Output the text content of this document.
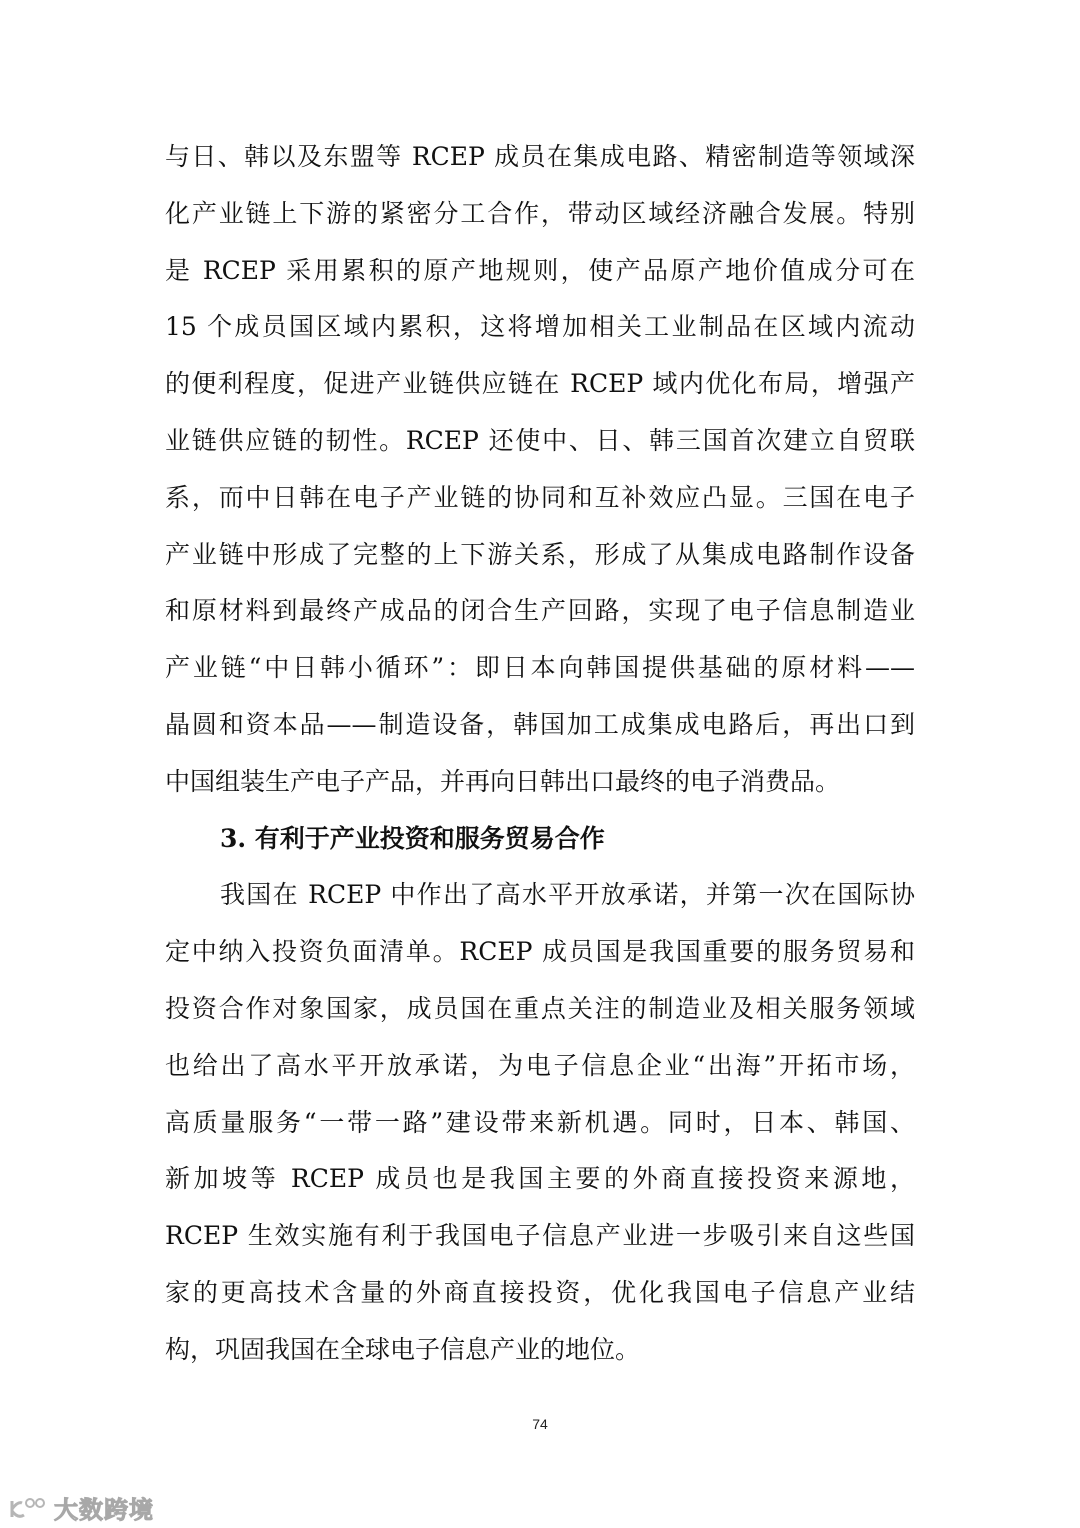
与日、韩以及东盟等 RCEP 成员在集成电路、精密制造等领域深
化产业链上下游的紧密分工合作，带动区域经济融合发展。特别
是 RCEP 采用累积的原产地规则，使产品原产地价值成分可在
15 个成员国区域内累积，这将增加相关工业制品在区域内流动
的便利程度，促进产业链供应链在 RCEP 域内优化布局，增强产
业链供应链的韧性。RCEP 还使中、日、韩三国首次建立自贸联
系，而中日韩在电子产业链的协同和互补效应凸显。三国在电子
产业链中形成了完整的上下游关系，形成了从集成电路制作设备
和原材料到最终产成品的闭合生产回路，实现了电子信息制造业
产业链“中日韩小循环”：即日本向韩国提供基础的原材料——
晶圆和资本品——制造设备，韩国加工成集成电路后，再出口到
中国组装生产电子产品，并再向日韩出口最终的电子消费品。
3. 有利于产业投资和服务贸易合作
我国在 RCEP 中作出了高水平开放承诺，并第一次在国际协
定中纳入投资负面清单。RCEP 成员国是我国重要的服务贸易和
投资合作对象国家，成员国在重点关注的制造业及相关服务领域
也给出了高水平开放承诺，为电子信息企业“出海”开拓市场，
高质量服务“一带一路”建设带来新机遇。同时，日本、韩国、
新加坡等 RCEP 成员也是我国主要的外商直接投资来源地，
RCEP 生效实施有利于我国电子信息产业进一步吸引来自这些国
家的更高技术含量的外商直接投资，优化我国电子信息产业结
构，巩固我国在全球电子信息产业的地位。
74
大数跨境
